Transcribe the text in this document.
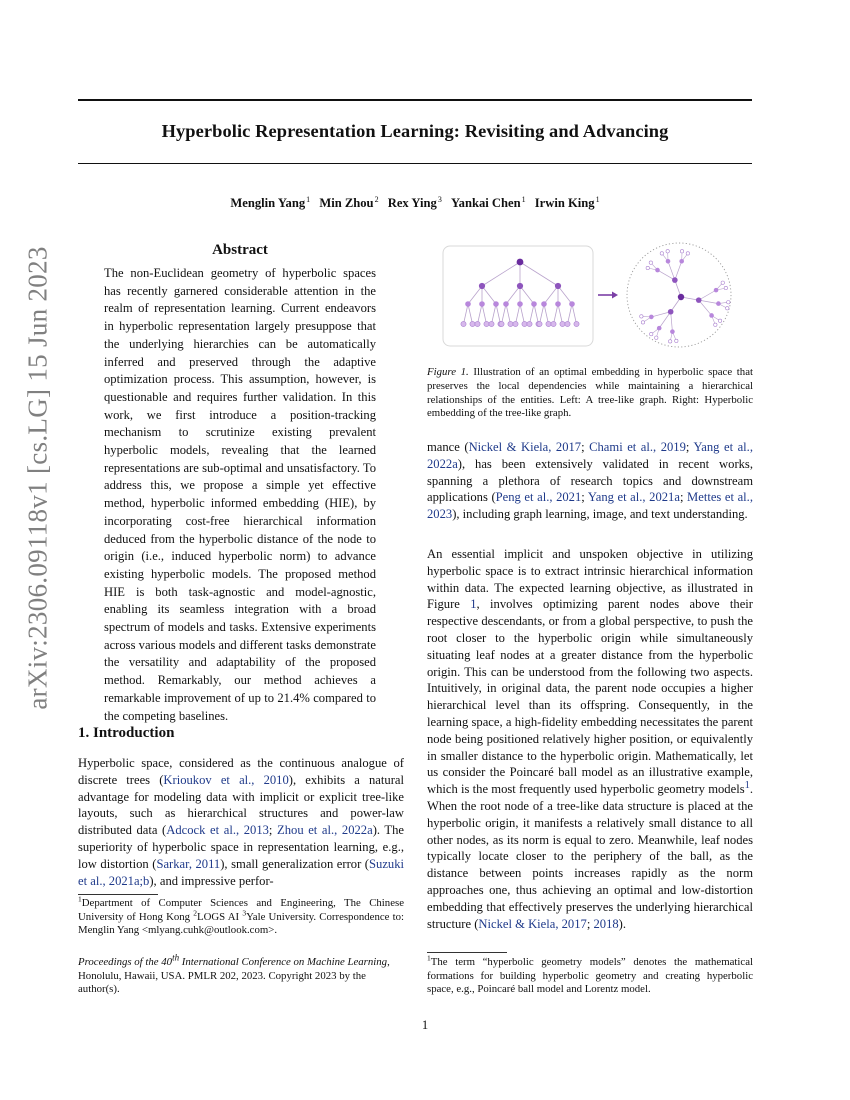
Hyperbolic Representation Learning: Revisiting and Advancing
Menglin Yang$^1$ Min Zhou$^2$ Rex Ying$^3$ Yankai Chen$^1$ Irwin King$^1$
arXiv:2306.09118v1 [cs.LG] 15 Jun 2023	Abstract
The non-Euclidean geometry of hyperbolic spaces has recently garnered considerable attention in the realm of representation learning. Current endeavors in hyperbolic representation largely presuppose that the underlying hierarchies can be automatically inferred and preserved through the adaptive optimization process. This assumption, however, is questionable and requires further validation. In this work, we first introduce a position-tracking mechanism to scrutinize existing prevalent hyperbolic models, revealing that the learned representations are sub-optimal and unsatisfactory. To address this, we propose a simple yet effective method, hyperbolic informed embedding (HIE), by incorporating cost-free hierarchical information deduced from the hyperbolic distance of the node to origin (i.e., induced hyperbolic norm) to advance existing hyperbolic models. The proposed method HIE is both task-agnostic and model-agnostic, enabling its seamless integration with a broad spectrum of models and tasks. Extensive experiments across various models and different tasks demonstrate the versatility and adaptability of the proposed method. Remarkably, our method achieves a remarkable improvement of up to 21.4% compared to the competing baselines.
1. Introduction
Hyperbolic space, considered as the continuous analogue of discrete trees (Krioukov et al., 2010), exhibits a natural advantage for modeling data with implicit or explicit tree-like layouts, such as hierarchical structures and power-law distributed data (Adcock et al., 2013; Zhou et al., 2022a). The superiority of hyperbolic space in representation learning, e.g., low distortion (Sarkar, 2011), small generalization error (Suzuki et al., 2021a;b), and impressive perfor-
$^1$Department of Computer Sciences and Engineering, The Chinese University of Hong Kong $^2$LOGS AI $^3$Yale University. Correspondence to: Menglin Yang <mlyang.cuhk@outlook.com>.
Proceedings of the 40th International Conference on Machine Learning, Honolulu, Hawaii, USA. PMLR 202, 2023. Copyright 2023 by the author(s).
Figure 1. Illustration of an optimal embedding in hyperbolic space that preserves the local dependencies while maintaining a hierarchical relationships of the entities. Left: A tree-like graph. Right: Hyperbolic embedding of the tree-like graph.
mance (Nickel & Kiela, 2017; Chami et al., 2019; Yang et al., 2022a), has been extensively validated in recent works, spanning a plethora of research topics and downstream applications (Peng et al., 2021; Yang et al., 2021a; Mettes et al., 2023), including graph learning, image, and text understanding.
An essential implicit and unspoken objective in utilizing hyperbolic space is to extract intrinsic hierarchical information within data. The expected learning objective, as illustrated in Figure 1, involves optimizing parent nodes above their respective descendants, or from a global perspective, to push the root closer to the hyperbolic origin while simultaneously situating leaf nodes at a greater distance from the hyperbolic origin. This can be understood from the following two aspects. Intuitively, in original data, the parent node occupies a higher hierarchical level than its offspring. Consequently, in the learning space, a high-fidelity embedding necessitates the parent node being positioned relatively higher position, or equivalently in smaller distance to the hyperbolic origin. Mathematically, let us consider the Poincaré ball model as an illustrative example, which is the most frequently used hyperbolic geometry models$^1$. When the root node of a tree-like data structure is placed at the hyperbolic origin, it manifests a relatively small distance to all other nodes, as its norm is equal to zero. Meanwhile, leaf nodes typically locate closer to the periphery of the ball, as the distance between points increases rapidly as the norm approaches one, thus achieving an optimal and low-distortion embedding that effectively preserves the underlying hierarchical structure (Nickel & Kiela, 2017; 2018).
$^1$The term “hyperbolic geometry models” denotes the mathematical formations for building hyperbolic geometry and creating hyperbolic space, e.g., Poincaré ball model and Lorentz model.
1
